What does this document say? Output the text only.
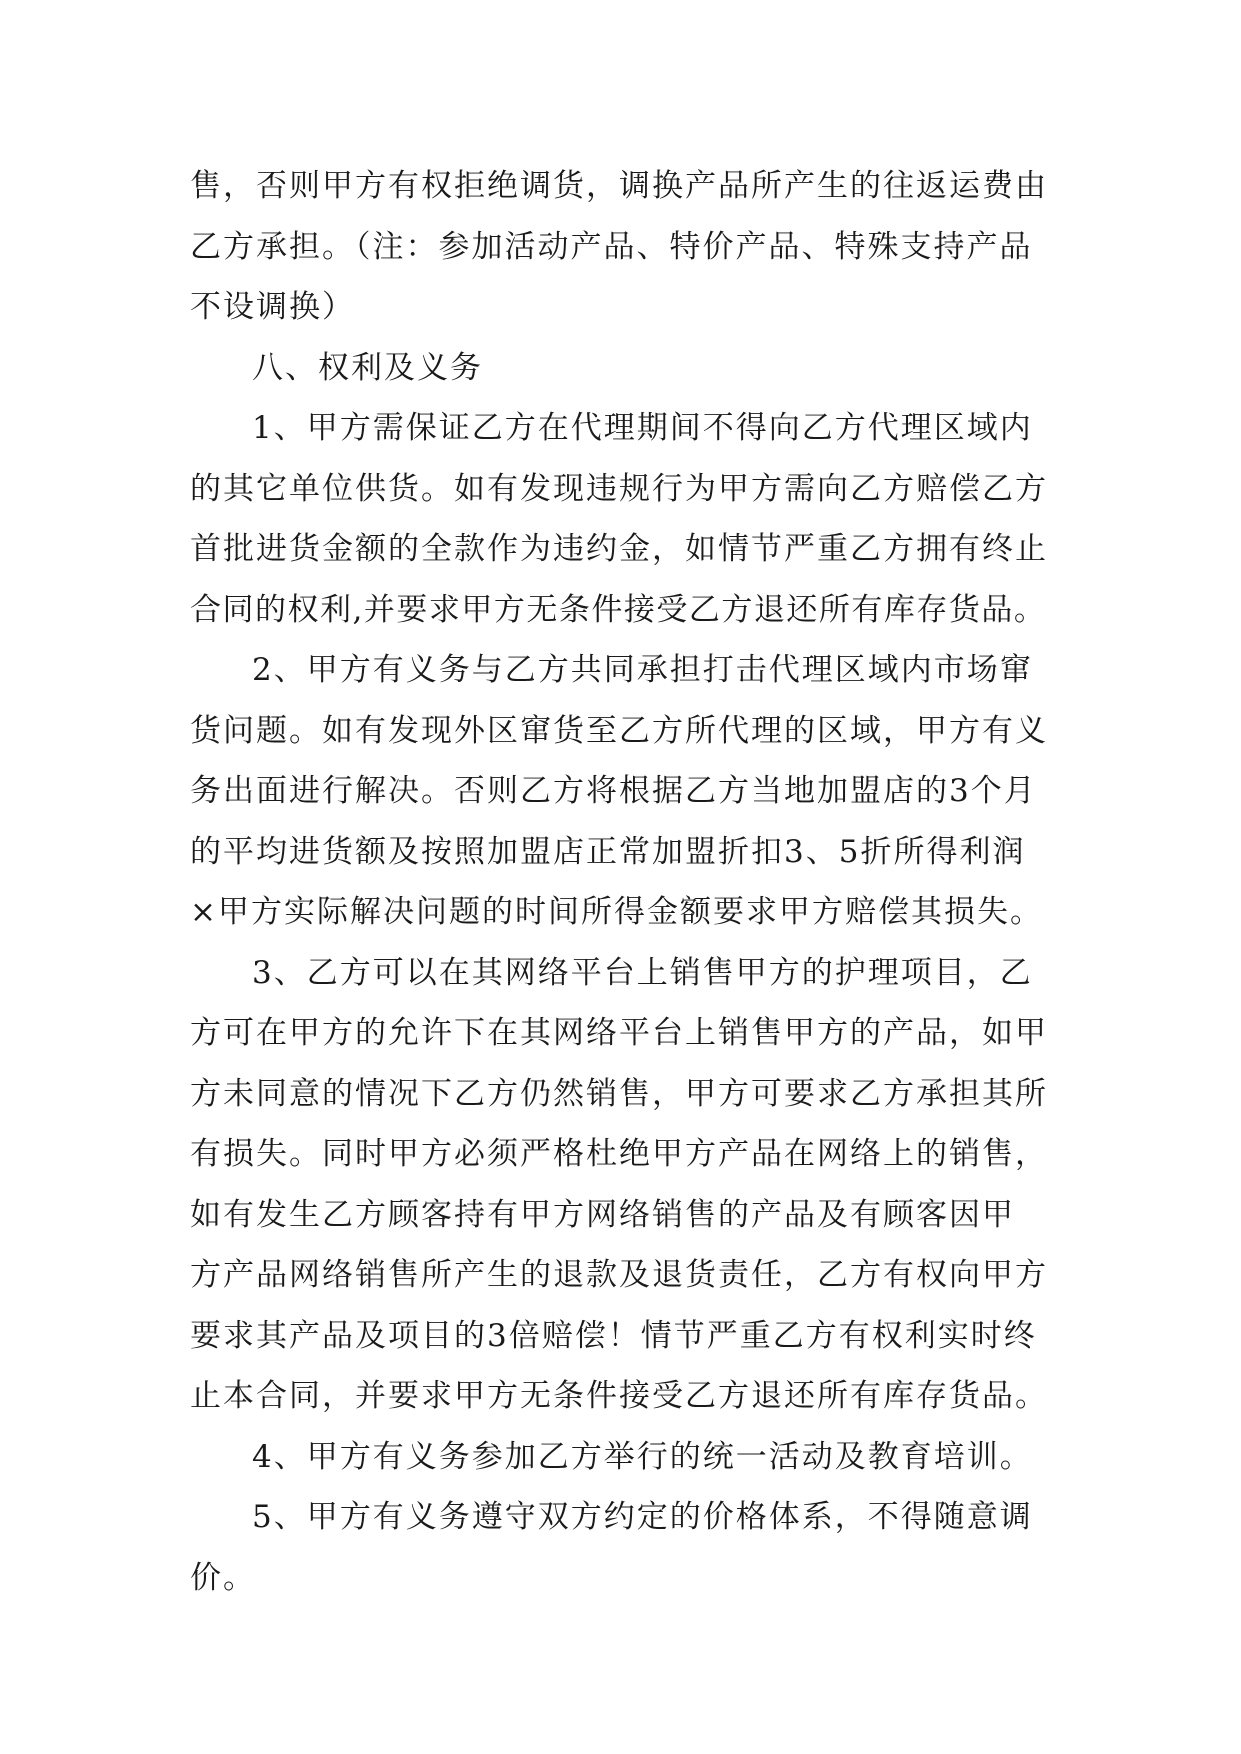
售，否则甲方有权拒绝调货，调换产品所产生的往返运费由
乙方承担。（注：参加活动产品、特价产品、特殊支持产品
不设调换）
八、权利及义务
1、甲方需保证乙方在代理期间不得向乙方代理区域内
的其它单位供货。如有发现违规行为甲方需向乙方赔偿乙方
首批进货金额的全款作为违约金，如情节严重乙方拥有终止
合同的权利,并要求甲方无条件接受乙方退还所有库存货品。
2、甲方有义务与乙方共同承担打击代理区域内市场窜
货问题。如有发现外区窜货至乙方所代理的区域，甲方有义
务出面进行解决。否则乙方将根据乙方当地加盟店的3个月
的平均进货额及按照加盟店正常加盟折扣3、5折所得利润
×甲方实际解决问题的时间所得金额要求甲方赔偿其损失。
3、乙方可以在其网络平台上销售甲方的护理项目，乙
方可在甲方的允许下在其网络平台上销售甲方的产品，如甲
方未同意的情况下乙方仍然销售，甲方可要求乙方承担其所
有损失。同时甲方必须严格杜绝甲方产品在网络上的销售，
如有发生乙方顾客持有甲方网络销售的产品及有顾客因甲
方产品网络销售所产生的退款及退货责任，乙方有权向甲方
要求其产品及项目的3倍赔偿！情节严重乙方有权利实时终
止本合同，并要求甲方无条件接受乙方退还所有库存货品。
4、甲方有义务参加乙方举行的统一活动及教育培训。
5、甲方有义务遵守双方约定的价格体系，不得随意调
价。
